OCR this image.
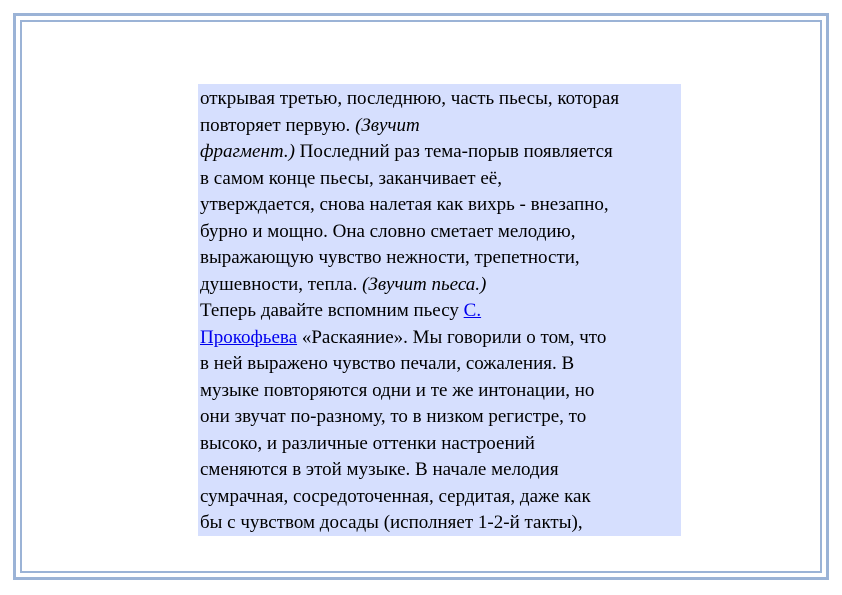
открывая третью, последнюю, часть пьесы, которая
повторяет первую. (Звучит
фрагмент.) Последний раз тема-порыв появляется
в самом конце пьесы, заканчивает её,
утверждается, снова налетая как вихрь - внезапно,
бурно и мощно. Она словно сметает мелодию,
выражающую чувство нежности, трепетности,
душевности, тепла. (Звучит пьеса.)
Теперь давайте вспомним пьесу С.
Прокофьева «Раскаяние». Мы говорили о том, что
в ней выражено чувство печали, сожаления. В
музыке повторяются одни и те же интонации, но
они звучат по-разному, то в низком регистре, то
высоко, и различные оттенки настроений
сменяются в этой музыке. В начале мелодия
сумрачная, сосредоточенная, сердитая, даже как
бы с чувством досады (исполняет 1-2-й такты),
